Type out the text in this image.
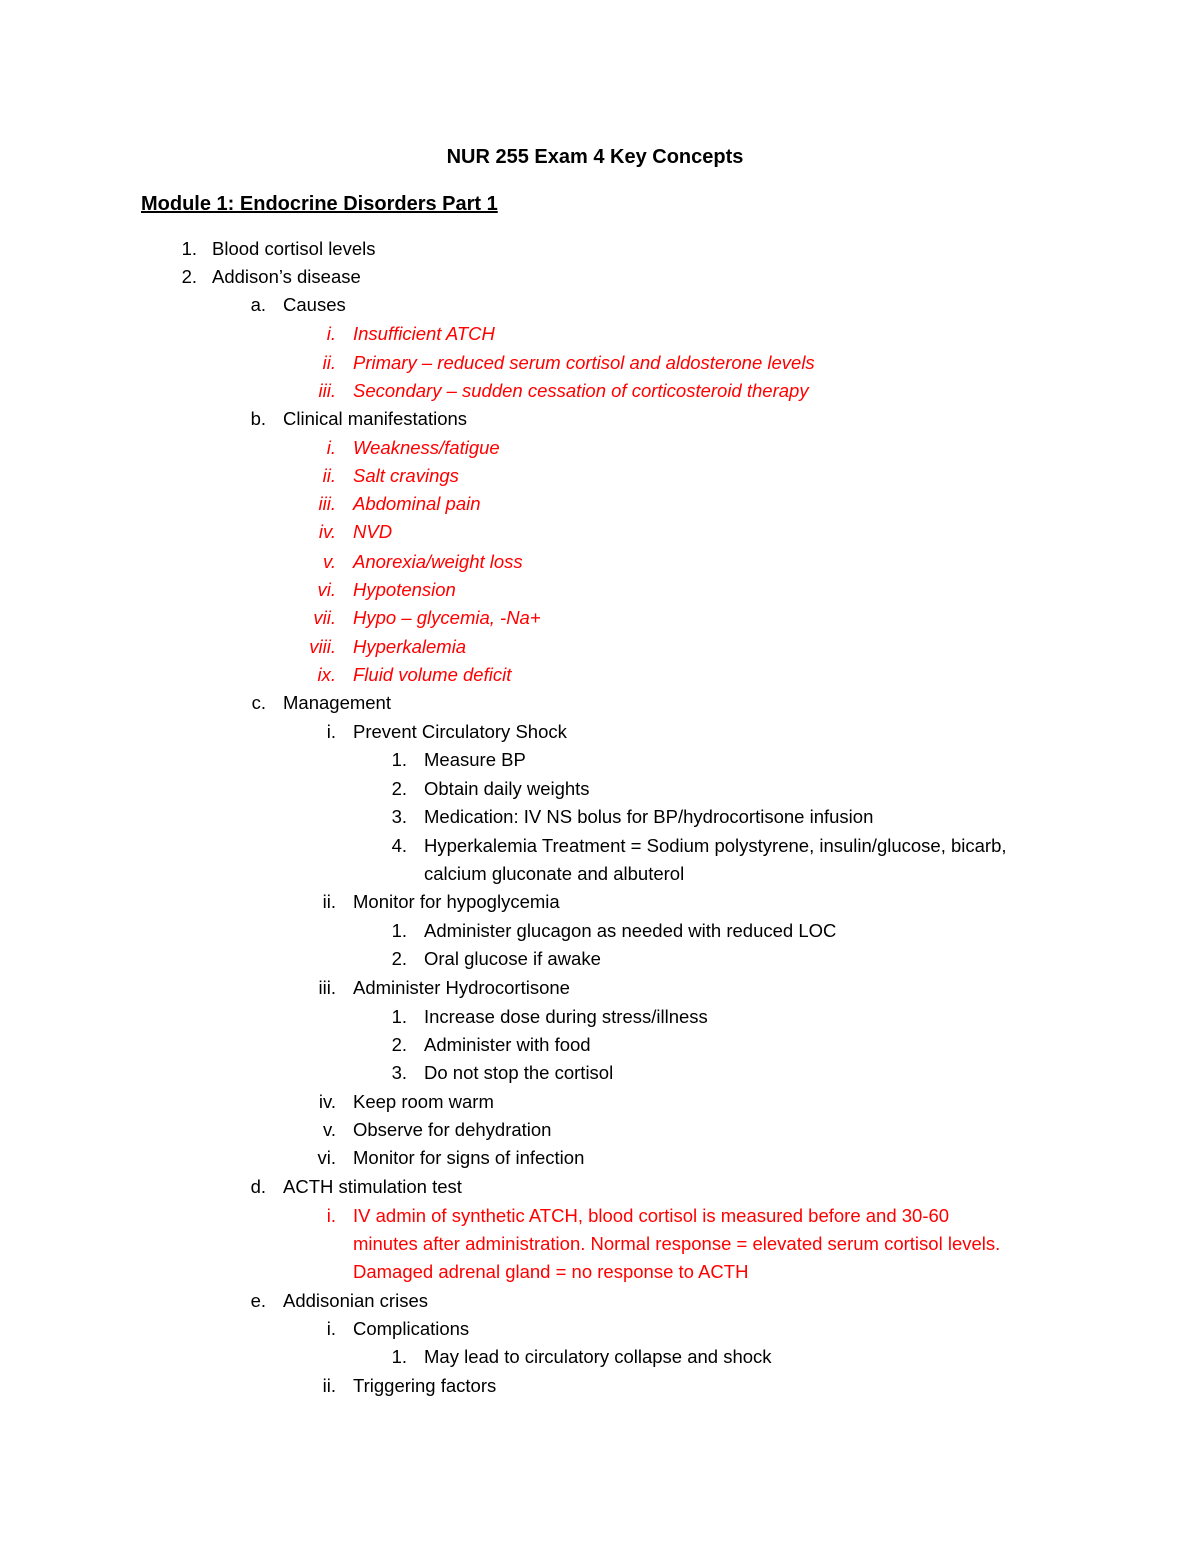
NUR 255 Exam 4 Key Concepts
Module 1: Endocrine Disorders Part 1
1. Blood cortisol levels
2. Addison’s disease
a. Causes
i. Insufficient ATCH
ii. Primary – reduced serum cortisol and aldosterone levels
iii. Secondary – sudden cessation of corticosteroid therapy
b. Clinical manifestations
i. Weakness/fatigue
ii. Salt cravings
iii. Abdominal pain
iv. NVD
v. Anorexia/weight loss
vi. Hypotension
vii. Hypo – glycemia, -Na+
viii. Hyperkalemia
ix. Fluid volume deficit
c. Management
i. Prevent Circulatory Shock
1. Measure BP
2. Obtain daily weights
3. Medication: IV NS bolus for BP/hydrocortisone infusion
4. Hyperkalemia Treatment = Sodium polystyrene, insulin/glucose, bicarb,
calcium gluconate and albuterol
ii. Monitor for hypoglycemia
1. Administer glucagon as needed with reduced LOC
2. Oral glucose if awake
iii. Administer Hydrocortisone
1. Increase dose during stress/illness
2. Administer with food
3. Do not stop the cortisol
iv. Keep room warm
v. Observe for dehydration
vi. Monitor for signs of infection
d. ACTH stimulation test
i. IV admin of synthetic ATCH, blood cortisol is measured before and 30-60
minutes after administration. Normal response = elevated serum cortisol levels.
Damaged adrenal gland = no response to ACTH
e. Addisonian crises
i. Complications
1. May lead to circulatory collapse and shock
ii. Triggering factors
